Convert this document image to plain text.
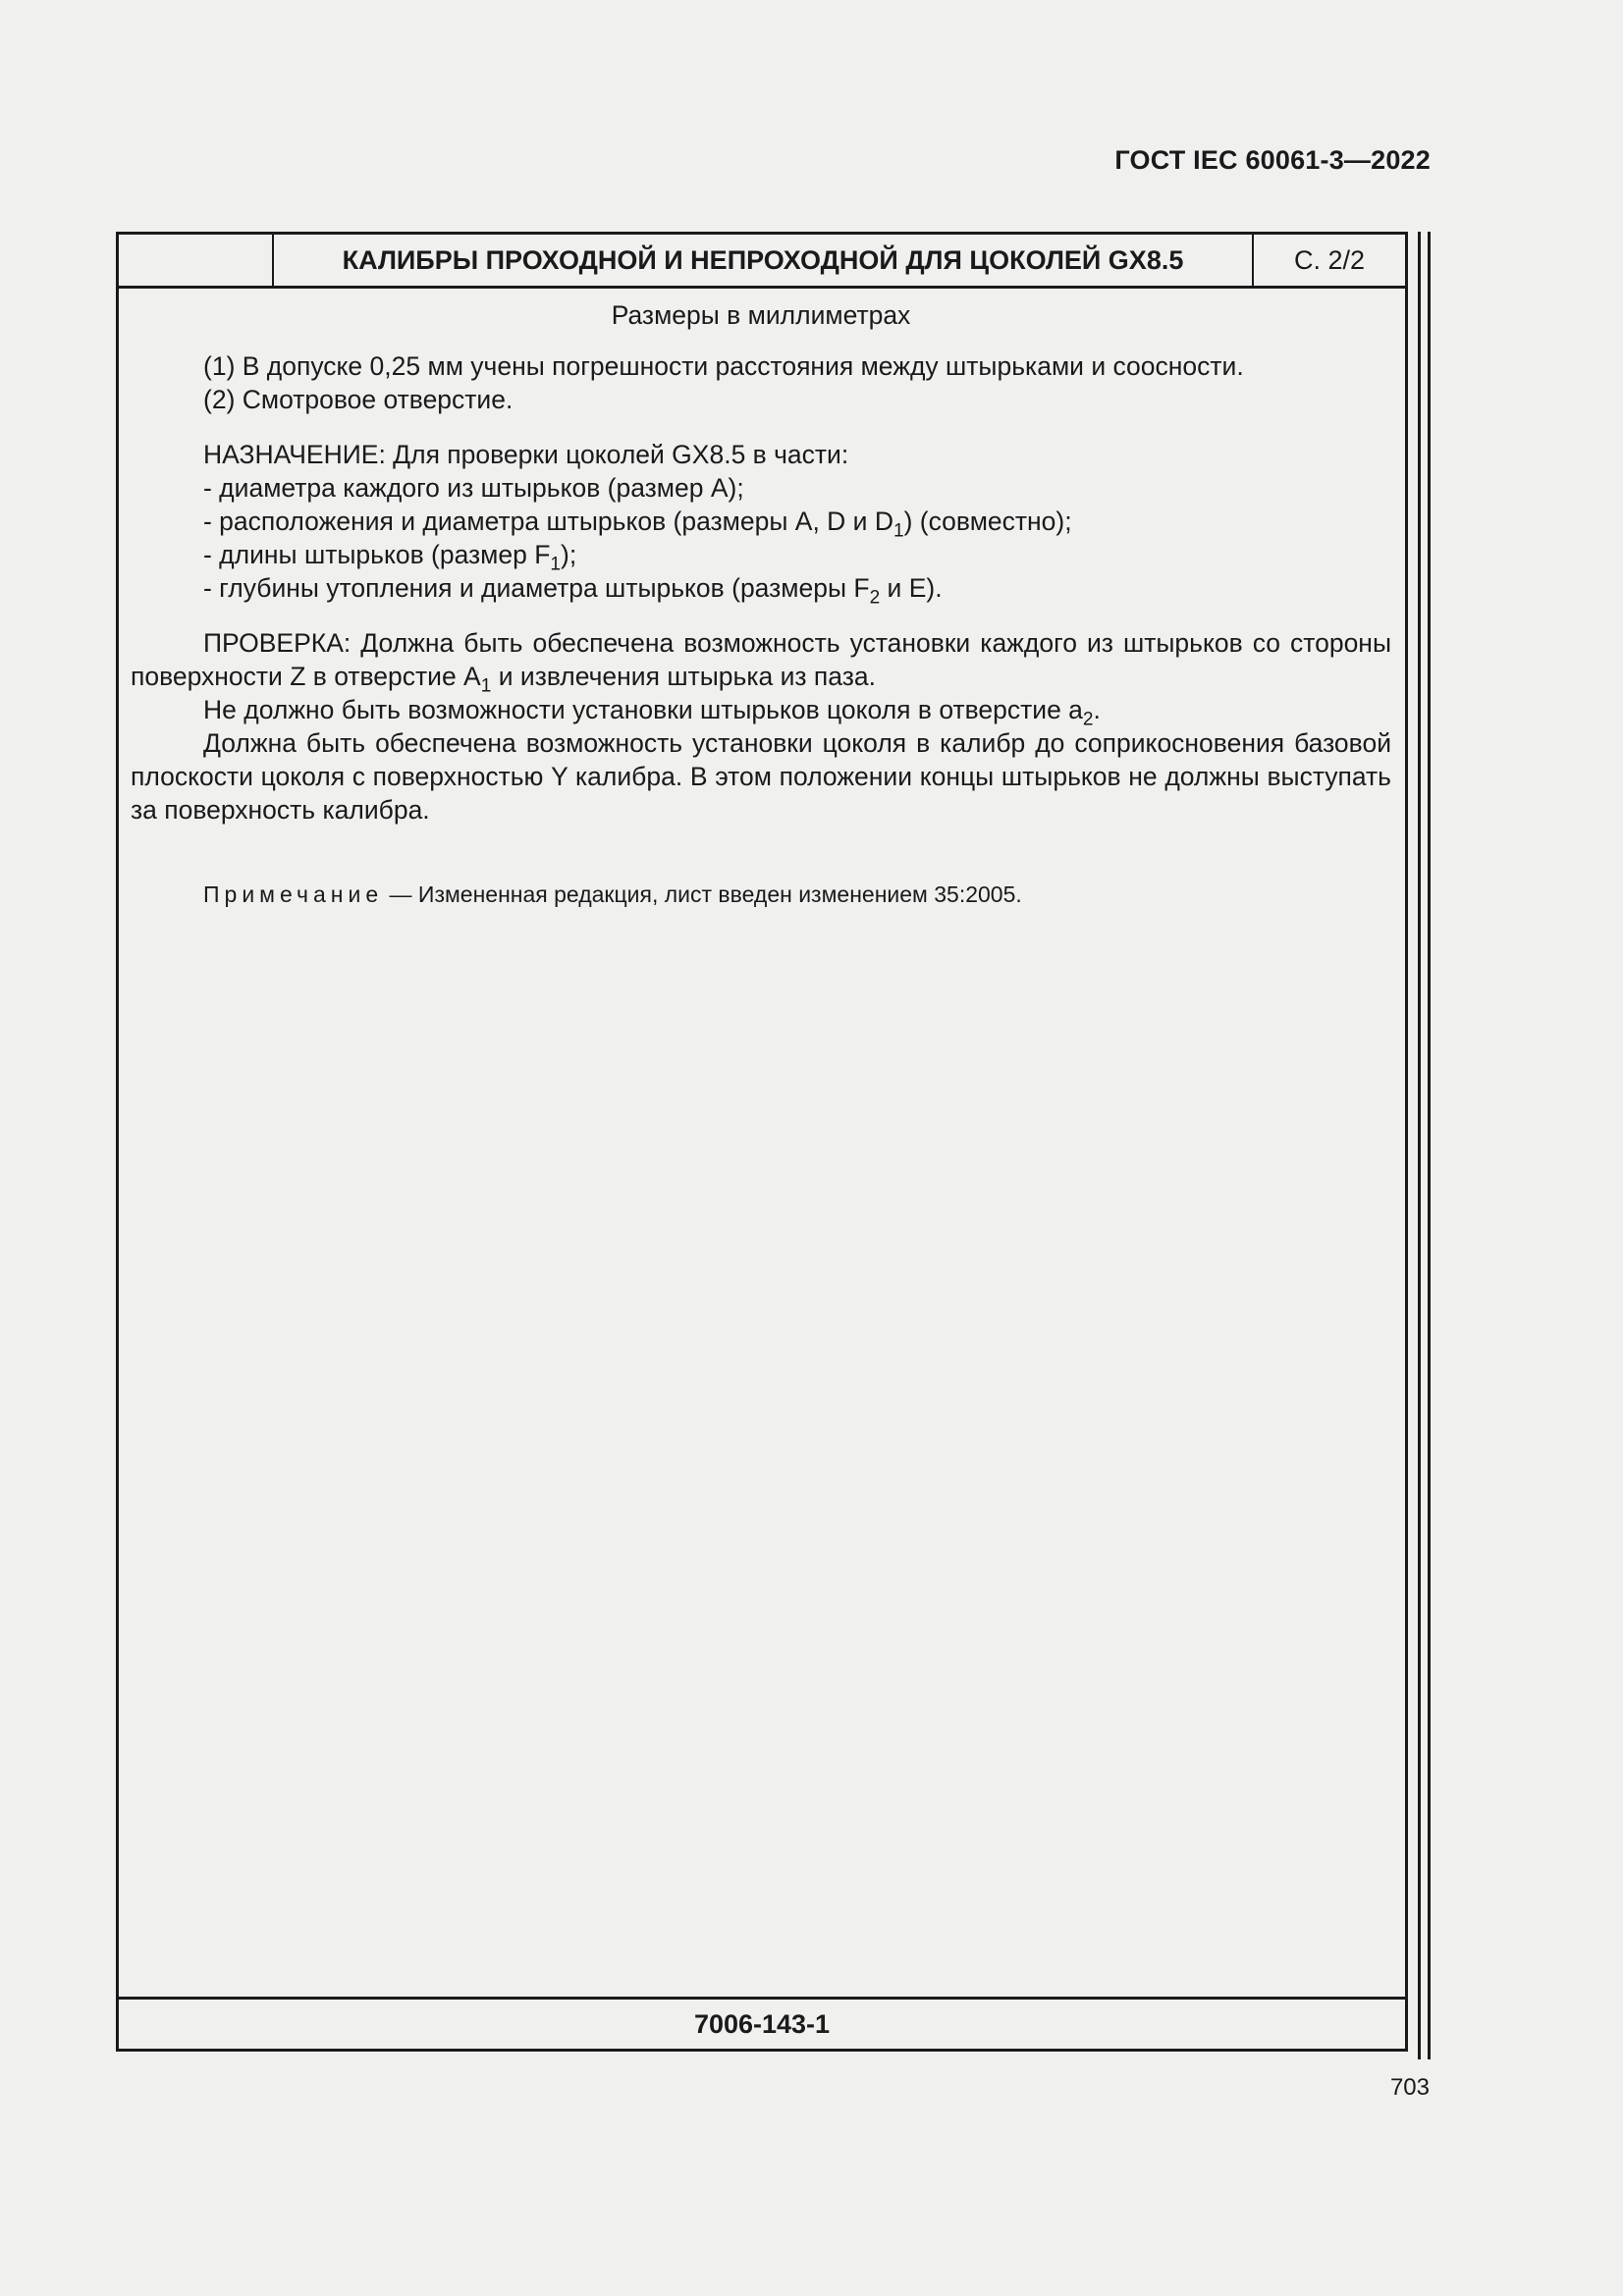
ГОСТ IEC 60061-3—2022
КАЛИБРЫ ПРОХОДНОЙ И НЕПРОХОДНОЙ ДЛЯ ЦОКОЛЕЙ GX8.5	С. 2/2
Размеры в миллиметрах

(1) В допуске 0,25 мм учены погрешности расстояния между штырьками и соосности.

(2) Смотровое отверстие.

НАЗНАЧЕНИЕ: Для проверки цоколей GX8.5 в части:

- диаметра каждого из штырьков (размер A);

- расположения и диаметра штырьков (размеры A, D и $D_1$) (совместно);

- длины штырьков (размер $F_1$);

- глубины утопления и диаметра штырьков (размеры $F_2$ и E).

ПРОВЕРКА: Должна быть обеспечена возможность установки каждого из штырьков со стороны поверхности Z в отверстие $A_1$ и извлечения штырька из паза.

Не должно быть возможности установки штырьков цоколя в отверстие $a_2$.

Должна быть обеспечена возможность установки цоколя в калибр до соприкосновения базовой плоскости цоколя с поверхностью Y калибра. В этом положении концы штырьков не должны выступать за поверхность калибра.

Примечание — Измененная редакция, лист введен изменением 35:2005.

7006-143-1
703
